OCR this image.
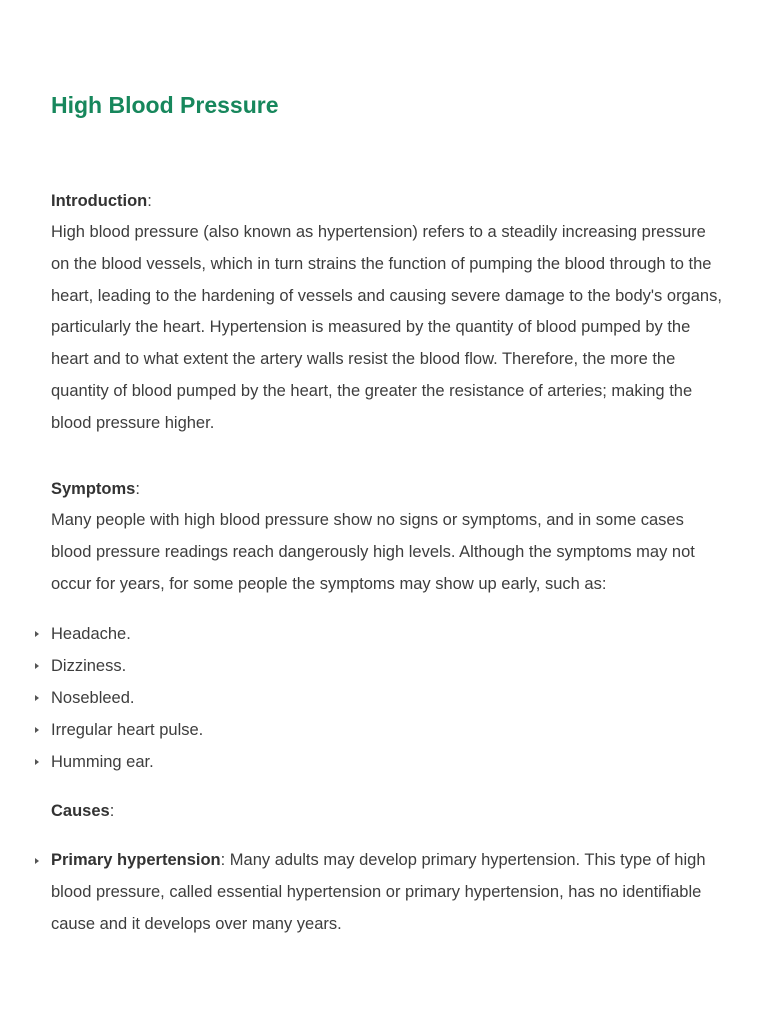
High Blood Pressure

Introduction:

High blood pressure (also known as hypertension) refers to a steadily increasing pressure on the blood vessels, which in turn strains the function of pumping the blood through to the heart, leading to the hardening of vessels and causing severe damage to the body's organs, particularly the heart. Hypertension is measured by the quantity of blood pumped by the heart and to what extent the artery walls resist the blood flow. Therefore, the more the quantity of blood pumped by the heart, the greater the resistance of arteries; making the blood pressure higher.

Symptoms:

Many people with high blood pressure show no signs or symptoms, and in some cases blood pressure readings reach dangerously high levels. Although the symptoms may not occur for years, for some people the symptoms may show up early, such as:

Headache.
Dizziness.
Nosebleed.
Irregular heart pulse.
Humming ear.

Causes:

Primary hypertension: Many adults may develop primary hypertension. This type of high blood pressure, called essential hypertension or primary hypertension, has no identifiable cause and it develops over many years.
